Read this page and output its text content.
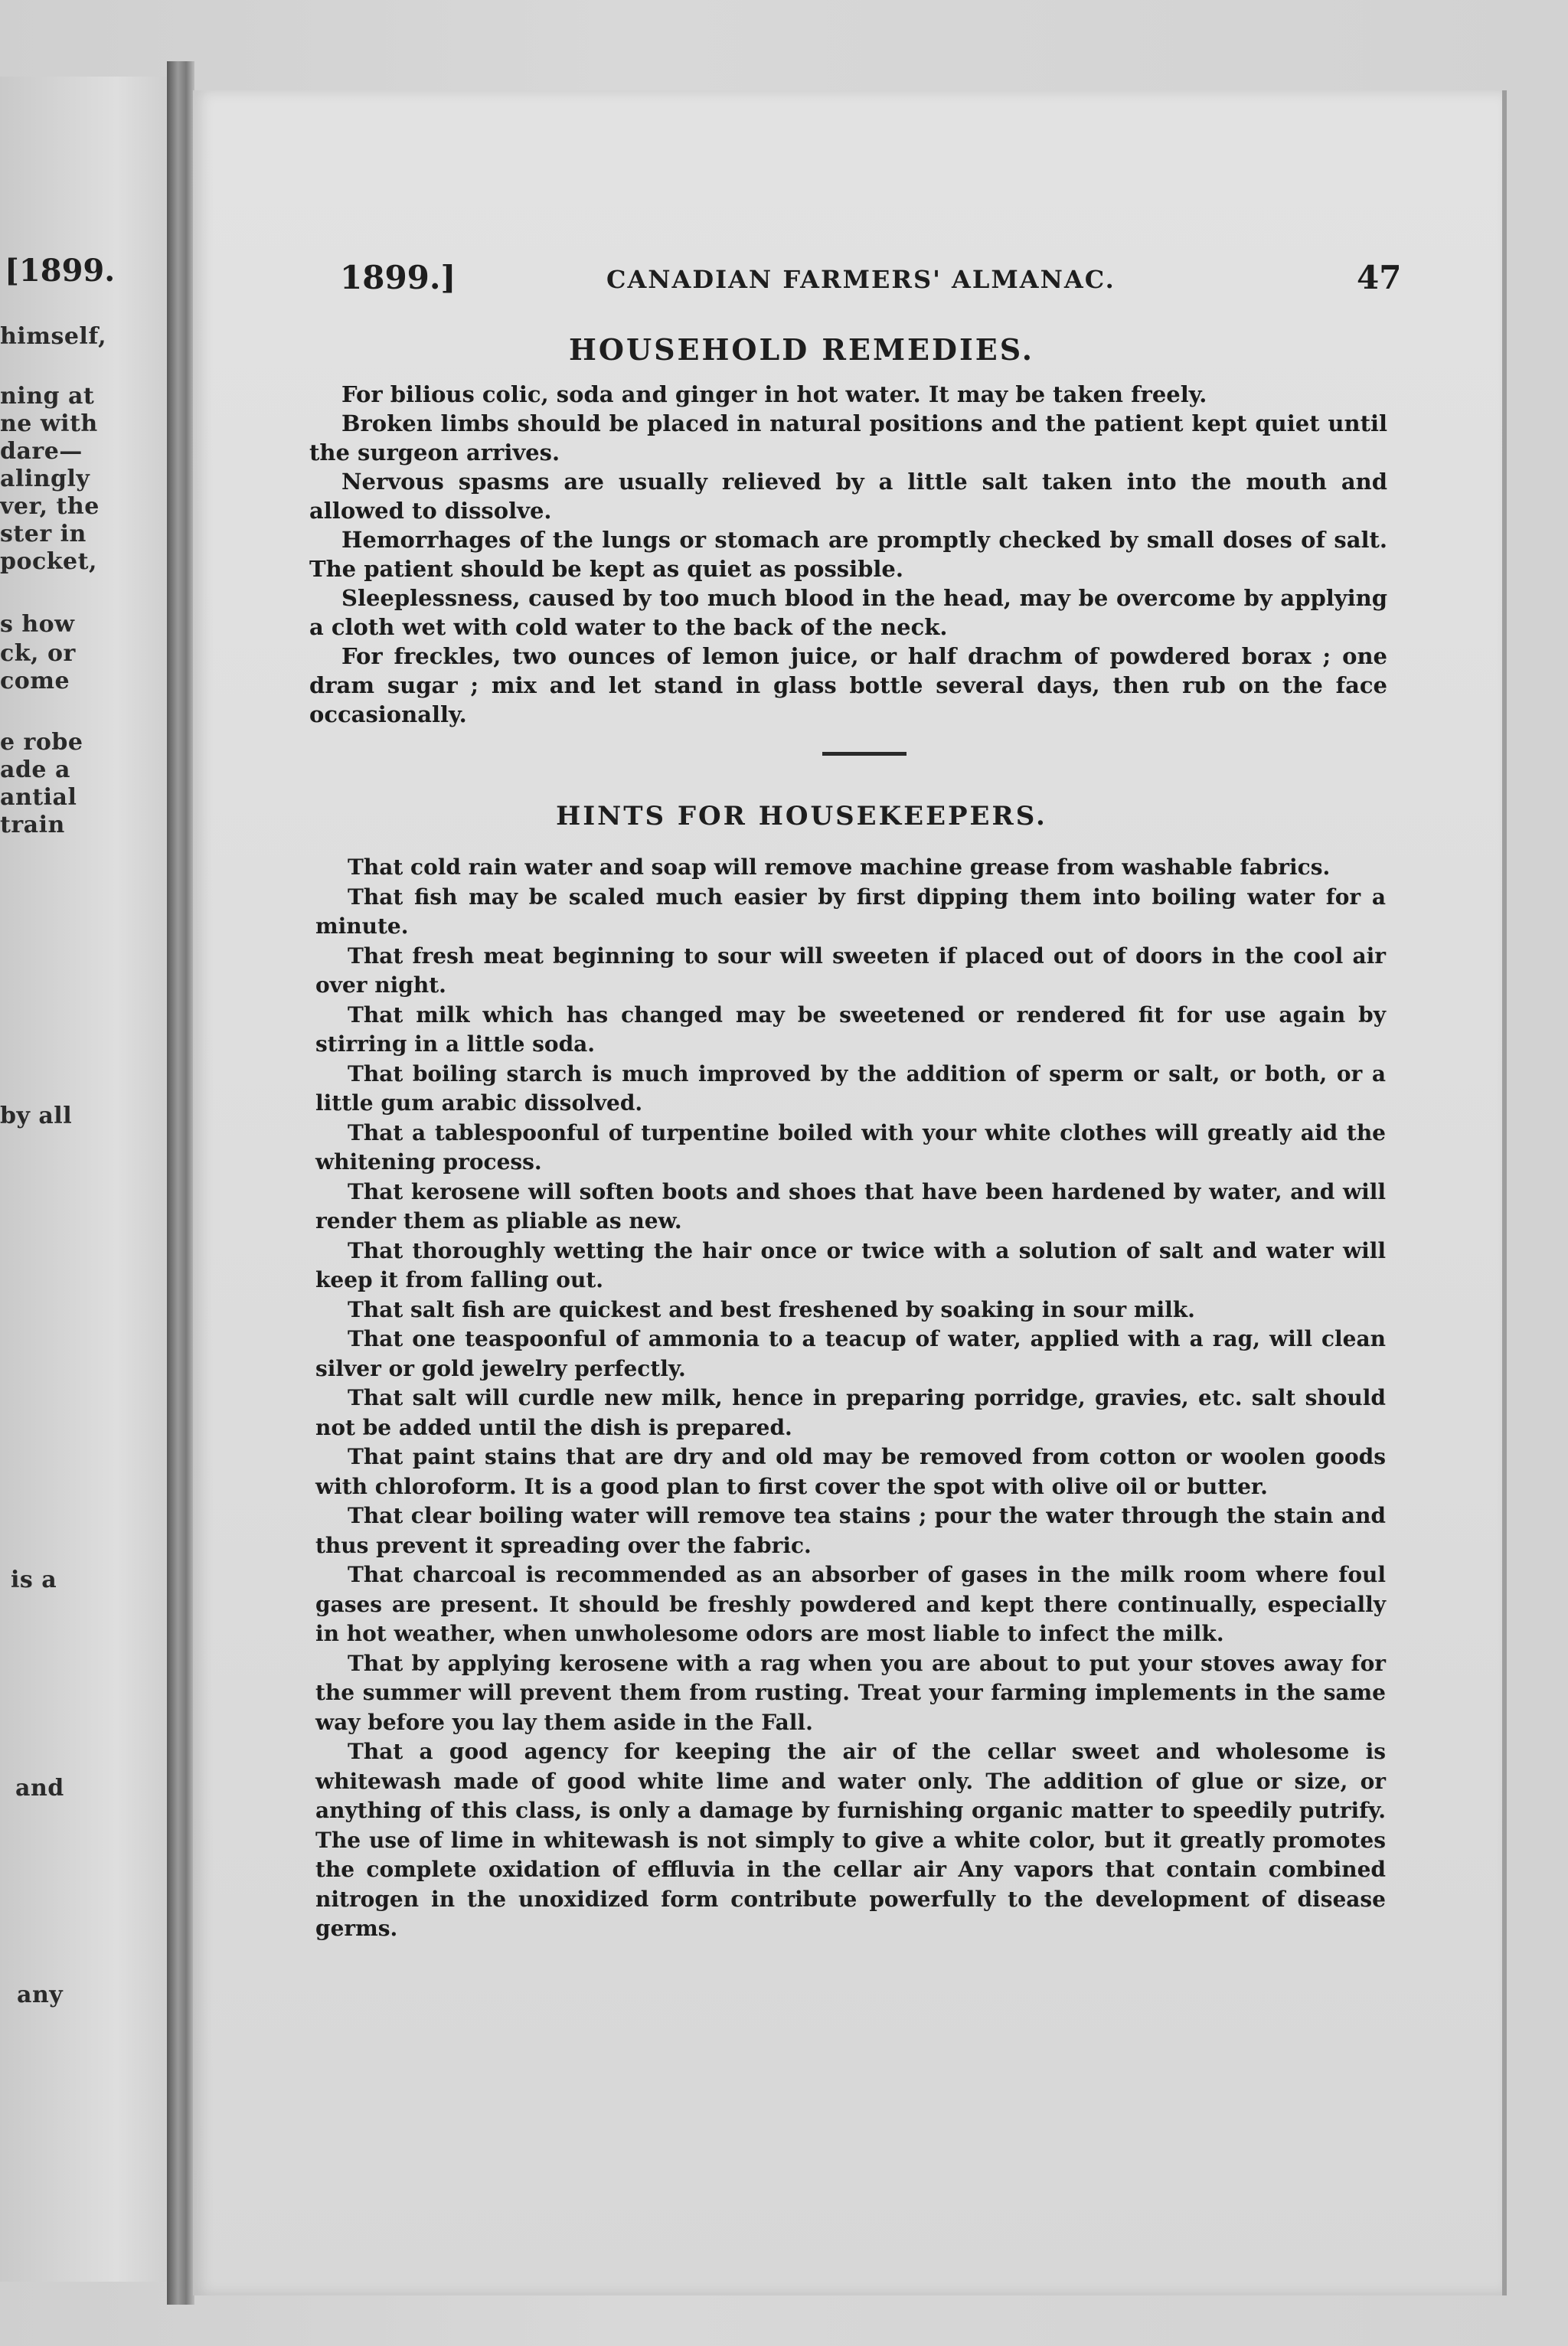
[1899.
himself,
ning at
ne with
dare—
alingly
ver, the
ster in
pocket,
s how
ck, or
come
e robe
ade a
antial
train
by all
is a
and
any
1899.]	CANADIAN FARMERS' ALMANAC.	47
HOUSEHOLD REMEDIES.

For bilious colic, soda and ginger in hot water. It may be taken freely.

Broken limbs should be placed in natural positions and the patient kept quiet until the surgeon arrives.

Nervous spasms are usually relieved by a little salt taken into the mouth and allowed to dissolve.

Hemorrhages of the lungs or stomach are promptly checked by small doses of salt. The patient should be kept as quiet as possible.

Sleeplessness, caused by too much blood in the head, may be overcome by applying a cloth wet with cold water to the back of the neck.

For freckles, two ounces of lemon juice, or half drachm of powdered borax ; one dram sugar ; mix and let stand in glass bottle several days, then rub on the face occasionally.

HINTS FOR HOUSEKEEPERS.

That cold rain water and soap will remove machine grease from washable fabrics.

That fish may be scaled much easier by first dipping them into boiling water for a minute.

That fresh meat beginning to sour will sweeten if placed out of doors in the cool air over night.

That milk which has changed may be sweetened or rendered fit for use again by stirring in a little soda.

That boiling starch is much improved by the addition of sperm or salt, or both, or a little gum arabic dissolved.

That a tablespoonful of turpentine boiled with your white clothes will greatly aid the whitening process.

That kerosene will soften boots and shoes that have been hardened by water, and will render them as pliable as new.

That thoroughly wetting the hair once or twice with a solution of salt and water will keep it from falling out.

That salt fish are quickest and best freshened by soaking in sour milk.

That one teaspoonful of ammonia to a teacup of water, applied with a rag, will clean silver or gold jewelry perfectly.

That salt will curdle new milk, hence in preparing porridge, gravies, etc. salt should not be added until the dish is prepared.

That paint stains that are dry and old may be removed from cotton or woolen goods with chloroform. It is a good plan to first cover the spot with olive oil or butter.

That clear boiling water will remove tea stains ; pour the water through the stain and thus prevent it spreading over the fabric.

That charcoal is recommended as an absorber of gases in the milk room where foul gases are present. It should be freshly powdered and kept there continually, especially in hot weather, when unwholesome odors are most liable to infect the milk.

That by applying kerosene with a rag when you are about to put your stoves away for the summer will prevent them from rusting. Treat your farming implements in the same way before you lay them aside in the Fall.

That a good agency for keeping the air of the cellar sweet and wholesome is whitewash made of good white lime and water only. The addition of glue or size, or anything of this class, is only a damage by furnishing organic matter to speedily putrify. The use of lime in whitewash is not simply to give a white color, but it greatly promotes the complete oxidation of effluvia in the cellar air Any vapors that contain combined nitrogen in the unoxidized form contribute powerfully to the development of disease germs.
